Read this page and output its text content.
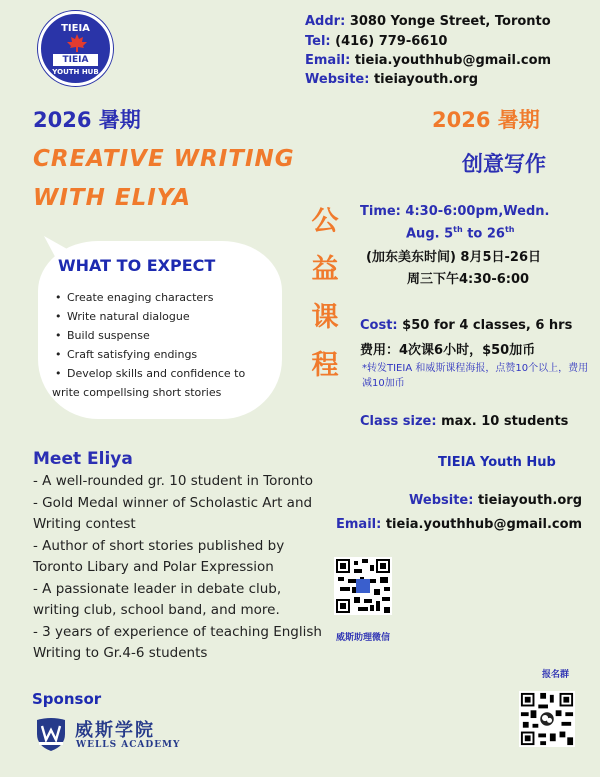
TIEIA
TIEIA
YOUTH HUB
Addr: 3080 Yonge Street, Toronto
Tel: (416) 779-6610
Email: tieia.youthhub@gmail.com
Website: tieiayouth.org
2026 暑期	2026 暑期
CREATIVE WRITING
WITH ELIYA
创意写作
WHAT TO EXPECT
• Create enaging characters
• Write natural dialogue
• Build suspense
• Craft satisfying endings
• Develop skills and confidence to
write compellsing short stories
公
益
课
程
Time: 4:30-6:00pm,Wedn.
Aug. 5th to 26th
(加东美东时间) 8月5日-26日
周三下午4:30-6:00
Cost: $50 for 4 classes, 6 hrs
费用：4次课6小时，$50加币
*转发TIEIA 和威斯课程海报，点赞10个以上，费用减10加币
Class size: max. 10 students
Meet Eliya
- A well-rounded gr. 10 student in Toronto
- Gold Medal winner of Scholastic Art and
Writing contest
- Author of short stories published by
Toronto Libary and Polar Expression
- A passionate leader in debate club,
writing club, school band, and more.
- 3 years of experience of teaching English
Writing to Gr.4-6 students
TIEIA Youth Hub
Website: tieiayouth.org
Email: tieia.youthhub@gmail.com
威斯助理微信
报名群
Sponsor
威斯学院
WELLS ACADEMY
